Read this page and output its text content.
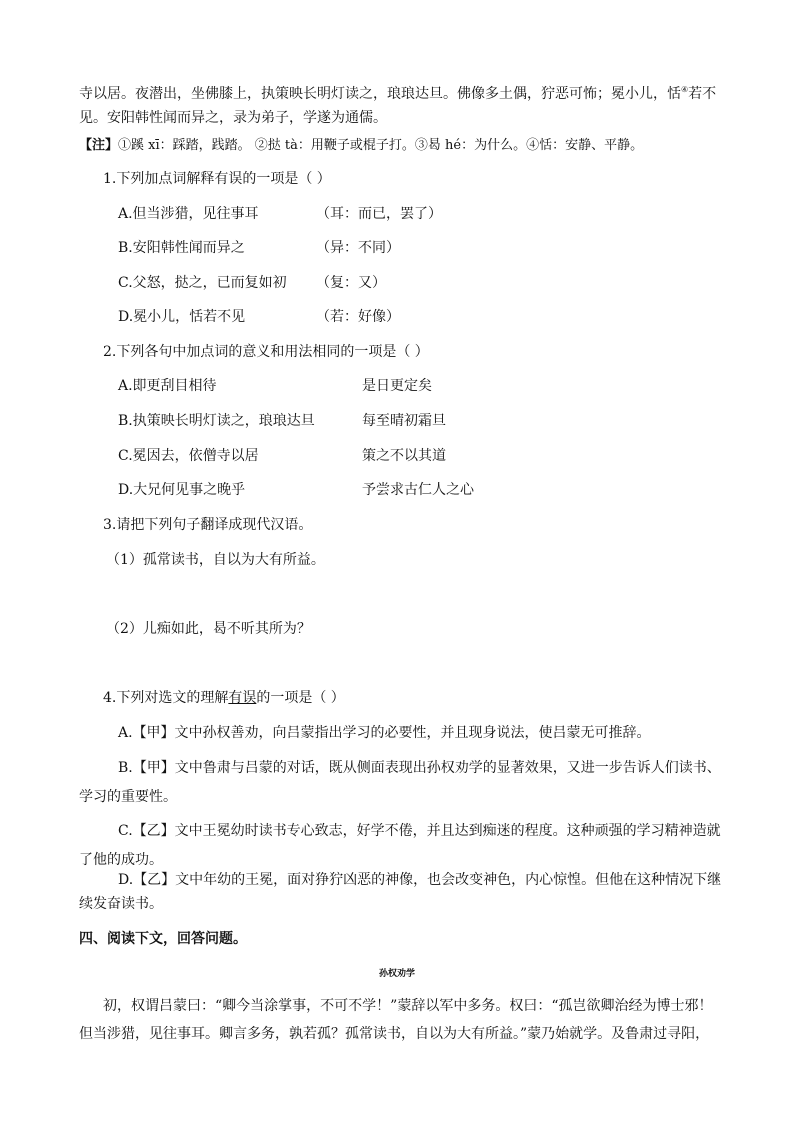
寺以居。夜潜出，坐佛膝上，执策映长明灯读之，琅琅达旦。佛像多土偶，狞恶可怖；冕小儿，恬④若不
见。安阳韩性闻而异之，录为弟子，学遂为通儒。
【注】①蹊 xī：踩踏，践踏。 ②挞 tà：用鞭子或棍子打。③曷 hé：为什么。④恬：安静、平静。
1.下列加点词解释有误的一项是（ ）
A.但当涉猎，见往事耳	（耳：而已，罢了）
B.安阳韩性闻而异之	（异：不同）
C.父怒，挞之，已而复如初 （复：又）
D.冕小儿，恬若不见	（若：好像）
2.下列各句中加点词的意义和用法相同的一项是（ ）
A.即更刮目相待	是日更定矣
B.执策映长明灯读之，琅琅达旦	每至晴初霜旦
C.冕因去，依僧寺以居	策之不以其道
D.大兄何见事之晚乎	予尝求古仁人之心
3.请把下列句子翻译成现代汉语。
（1）孤常读书，自以为大有所益。
（2）儿痴如此，曷不听其所为？
4.下列对选文的理解有误的一项是（ ）
A.【甲】文中孙权善劝，向吕蒙指出学习的必要性，并且现身说法，使吕蒙无可推辞。
B.【甲】文中鲁肃与吕蒙的对话，既从侧面表现出孙权劝学的显著效果，又进一步告诉人们读书、
学习的重要性。
C.【乙】文中王冕幼时读书专心致志，好学不倦，并且达到痴迷的程度。这种顽强的学习精神造就
了他的成功。
D.【乙】文中年幼的王冕，面对狰狞凶恶的神像，也会改变神色，内心惊惶。但他在这种情况下继
续发奋读书。
四、阅读下文，回答问题。
孙权劝学
初，权谓吕蒙曰：“卿今当涂掌事，不可不学！”蒙辞以军中多务。权曰：“孤岂欲卿治经为博士邪！
但当涉猎，见往事耳。卿言多务，孰若孤？孤常读书，自以为大有所益。”蒙乃始就学。及鲁肃过寻阳，
